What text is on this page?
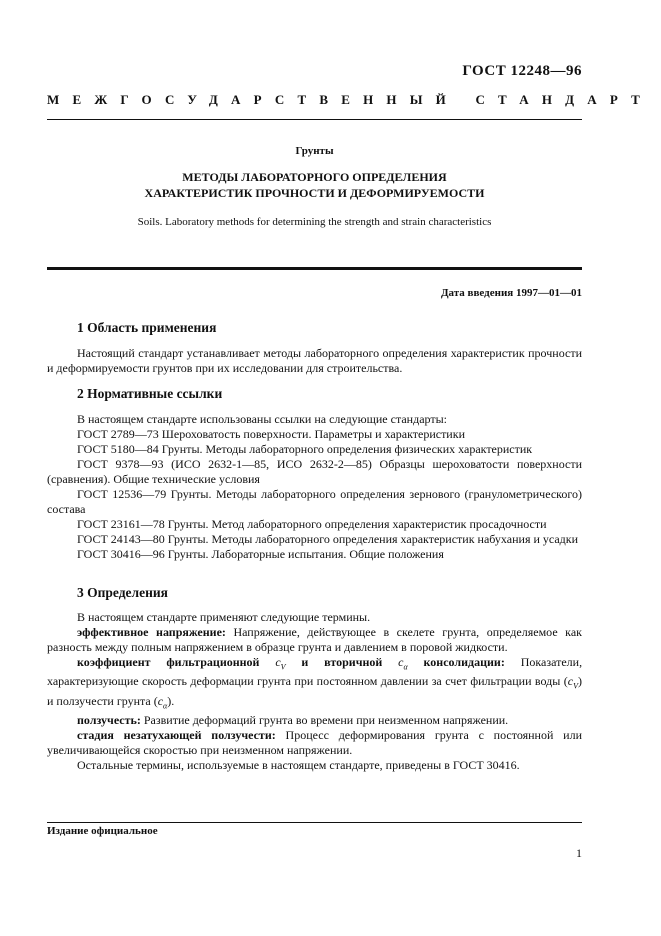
ГОСТ 12248—96
МЕЖГОСУДАРСТВЕННЫЙ СТАНДАРТ
Грунты
МЕТОДЫ ЛАБОРАТОРНОГО ОПРЕДЕЛЕНИЯ
ХАРАКТЕРИСТИК ПРОЧНОСТИ И ДЕФОРМИРУЕМОСТИ
Soils. Laboratory methods for determining the strength and strain characteristics
Дата введения 1997—01—01
1 Область применения
Настоящий стандарт устанавливает методы лабораторного определения характеристик прочности и деформируемости грунтов при их исследовании для строительства.
2 Нормативные ссылки
В настоящем стандарте использованы ссылки на следующие стандарты:
ГОСТ 2789—73 Шероховатость поверхности. Параметры и характеристики
ГОСТ 5180—84 Грунты. Методы лабораторного определения физических характеристик
ГОСТ 9378—93 (ИСО 2632-1—85, ИСО 2632-2—85) Образцы шероховатости поверхности (сравнения). Общие технические условия
ГОСТ 12536—79 Грунты. Методы лабораторного определения зернового (гранулометрического) состава
ГОСТ 23161—78 Грунты. Метод лабораторного определения характеристик просадочности
ГОСТ 24143—80 Грунты. Методы лабораторного определения характеристик набухания и усадки
ГОСТ 30416—96 Грунты. Лабораторные испытания. Общие положения
3 Определения

В настоящем стандарте применяют следующие термины.

эффективное напряжение: Напряжение, действующее в скелете грунта, определяемое как разность между полным напряжением в образце грунта и давлением в поровой жидкости.

коэффициент фильтрационной $c_V$ и вторичной $c_\alpha$ консолидации: Показатели, характеризующие скорость деформации грунта при постоянном давлении за счет фильтрации воды $(c_V)$ и ползучести грунта $(c_\alpha)$.

ползучесть: Развитие деформаций грунта во времени при неизменном напряжении.

стадия незатухающей ползучести: Процесс деформирования грунта с постоянной или увеличивающейся скоростью при неизменном напряжении.

Остальные термины, используемые в настоящем стандарте, приведены в ГОСТ 30416.

Издание официальное
1
